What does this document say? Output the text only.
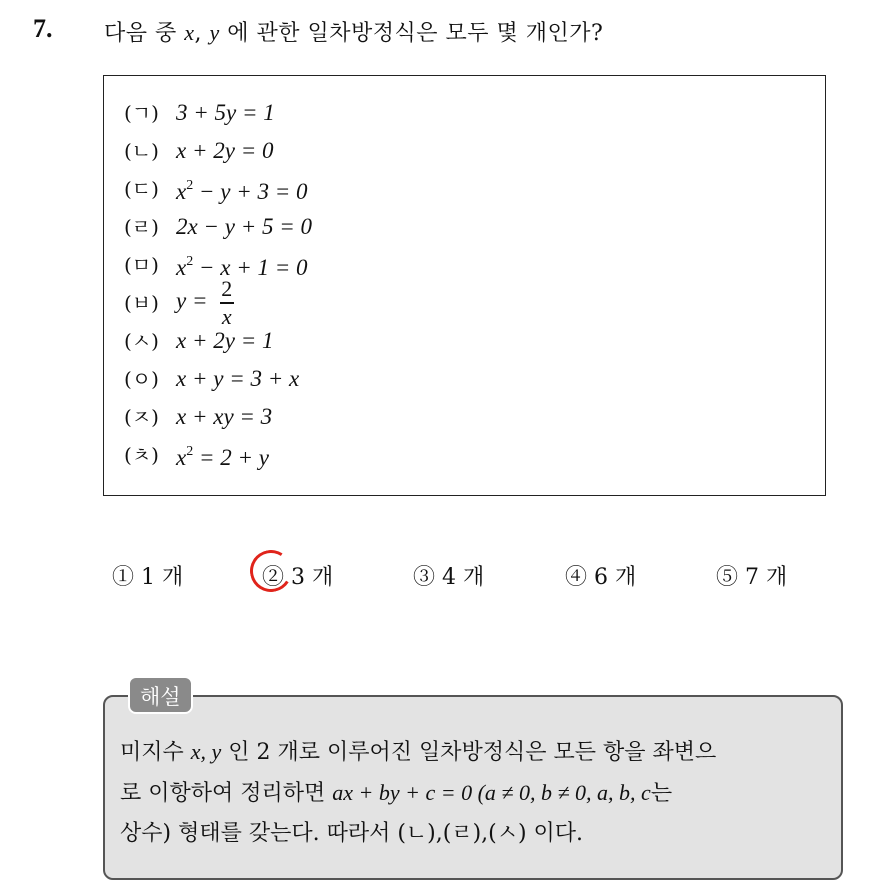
7. 다음 중 x, y 에 관한 일차방정식은 모두 몇 개인가?
(ㄱ) 3 + 5y = 1
(ㄴ) x + 2y = 0
(ㄷ) $x^2 - y + 3 = 0$
(ㄹ) 2x − y + 5 = 0
(ㅁ) $x^2 - x + 1 = 0$
(ㅂ) $y = \frac{2}{x}$
(ㅅ) x + 2y = 1
(ㅇ) x + y = 3 + x
(ㅈ) x + xy = 3
(ㅊ) $x^2 = 2 + y$
① 1 개	② 3 개	③ 4 개	④ 6 개	⑤ 7 개
해설
미지수 x, y 인 2 개로 이루어진 일차방정식은 모든 항을 좌변으
로 이항하여 정리하면 ax + by + c = 0 (a ≠ 0, b ≠ 0, a, b, c는
상수) 형태를 갖는다. 따라서 (ㄴ),(ㄹ),(ㅅ) 이다.
